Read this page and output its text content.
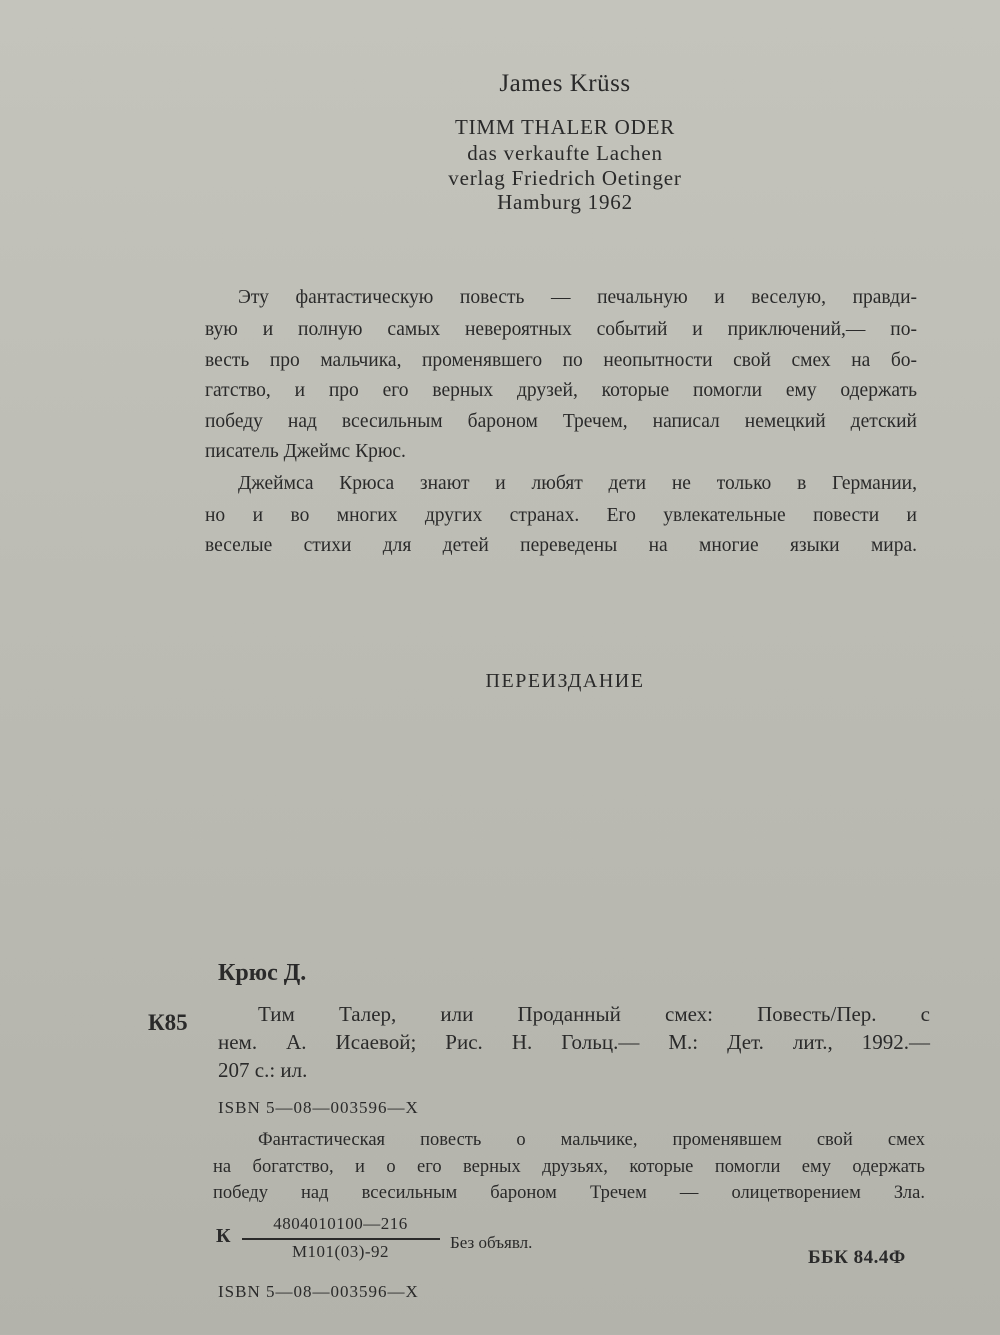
James Krüss
TIMM THALER ODER
das verkaufte Lachen
verlag Friedrich Oetinger
Hamburg 1962
Эту фантастическую повесть — печальную и веселую, правди-
вую и полную самых невероятных событий и приключений,— по-
весть про мальчика, променявшего по неопытности свой смех на бо-
гатство, и про его верных друзей, которые помогли ему одержать
победу над всесильным бароном Тречем, написал немецкий детский
писатель Джеймс Крюс.
Джеймса Крюса знают и любят дети не только в Германии,
но и во многих других странах. Его увлекательные повести и
веселые стихи для детей переведены на многие языки мира.
ПЕРЕИЗДАНИЕ
Крюс Д.
К85	Тим Талер, или Проданный смех: Повесть/Пер. с
нем. А. Исаевой; Рис. Н. Гольц.— М.: Дет. лит., 1992.—
207 с.: ил.
ISBN 5—08—003596—X
Фантастическая повесть о мальчике, променявшем свой смех
на богатство, и о его верных друзьях, которые помогли ему одержать
победу над всесильным бароном Тречем — олицетворением Зла.
К
4804010100—216
М101(03)-92	Без объявл.
ББК 84.4Ф
ISBN 5—08—003596—X
